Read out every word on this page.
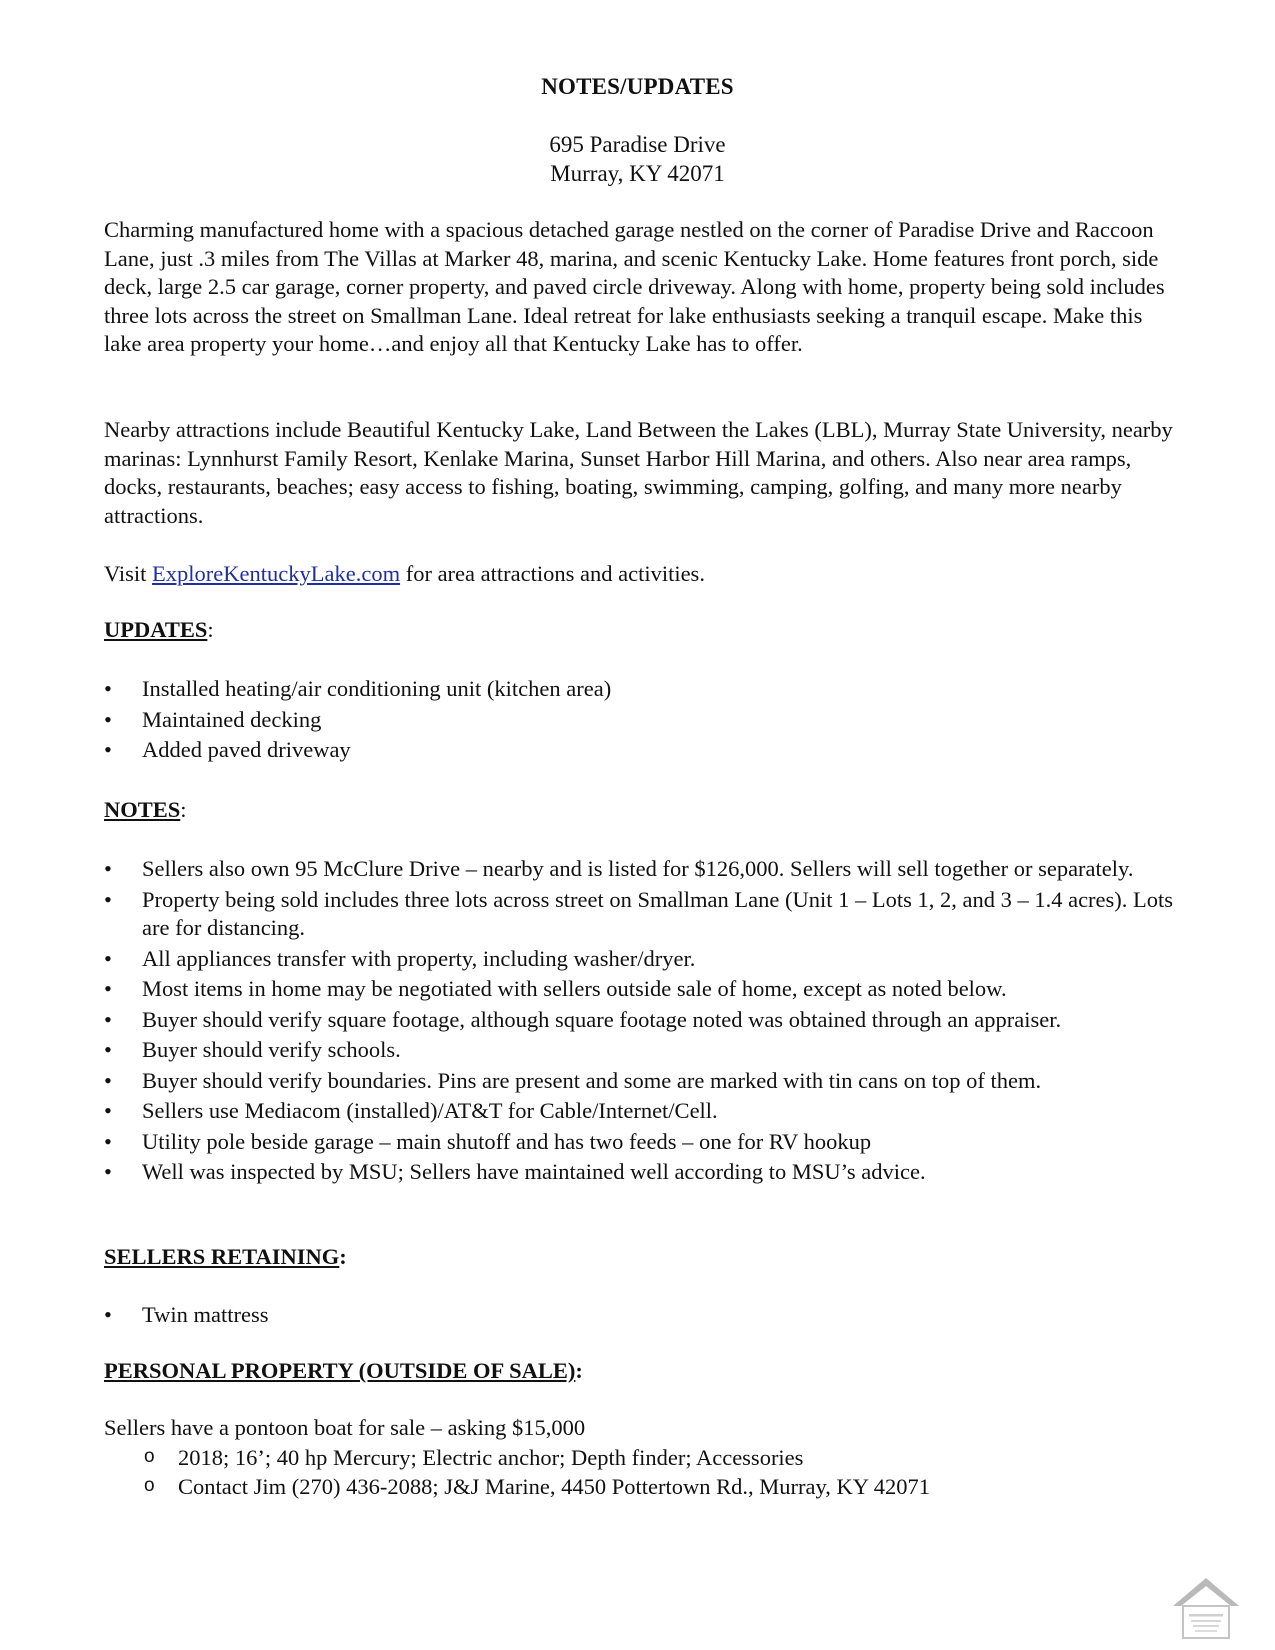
NOTES/UPDATES
695 Paradise Drive
Murray, KY 42071
Charming manufactured home with a spacious detached garage nestled on the corner of Paradise Drive and Raccoon Lane, just .3 miles from The Villas at Marker 48, marina, and scenic Kentucky Lake. Home features front porch, side deck, large 2.5 car garage, corner property, and paved circle driveway. Along with home, property being sold includes three lots across the street on Smallman Lane. Ideal retreat for lake enthusiasts seeking a tranquil escape. Make this lake area property your home…and enjoy all that Kentucky Lake has to offer.
Nearby attractions include Beautiful Kentucky Lake, Land Between the Lakes (LBL), Murray State University, nearby marinas: Lynnhurst Family Resort, Kenlake Marina, Sunset Harbor Hill Marina, and others. Also near area ramps, docks, restaurants, beaches; easy access to fishing, boating, swimming, camping, golfing, and many more nearby attractions.
Visit ExploreKentuckyLake.com for area attractions and activities.
UPDATES:
• Installed heating/air conditioning unit (kitchen area)
• Maintained decking
• Added paved driveway
NOTES:
• Sellers also own 95 McClure Drive – nearby and is listed for $126,000. Sellers will sell together or separately.
• Property being sold includes three lots across street on Smallman Lane (Unit 1 – Lots 1, 2, and 3 – 1.4 acres). Lots are for distancing.
• All appliances transfer with property, including washer/dryer.
• Most items in home may be negotiated with sellers outside sale of home, except as noted below.
• Buyer should verify square footage, although square footage noted was obtained through an appraiser.
• Buyer should verify schools.
• Buyer should verify boundaries. Pins are present and some are marked with tin cans on top of them.
• Sellers use Mediacom (installed)/AT&T for Cable/Internet/Cell.
• Utility pole beside garage – main shutoff and has two feeds – one for RV hookup
• Well was inspected by MSU; Sellers have maintained well according to MSU’s advice.
SELLERS RETAINING:
• Twin mattress
PERSONAL PROPERTY (OUTSIDE OF SALE):
Sellers have a pontoon boat for sale – asking $15,000
o 2018; 16’; 40 hp Mercury; Electric anchor; Depth finder; Accessories
o Contact Jim (270) 436-2088; J&J Marine, 4450 Pottertown Rd., Murray, KY 42071
